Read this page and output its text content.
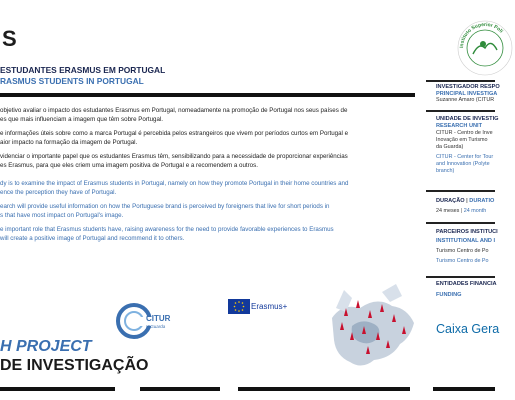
S
ESTUDANTES ERASMUS EM PORTUGAL
RASMUS STUDENTS IN PORTUGAL
objetivo avaliar o impacto dos estudantes Erasmus em Portugal, nomeadamente na promoção de Portugal nos seus países de
es que mais influenciam a imagem que têm sobre Portugal.
e informações úteis sobre como a marca Portugal é percebida pelos estrangeiros que vivem por períodos curtos em Portugal e
aior impacto na formação da imagem de Portugal.
videnciar o importante papel que os estudantes Erasmus têm, sensibilizando para a necessidade de proporcionar experiências
es Erasmus, para que eles criem uma imagem positiva de Portugal e a recomendem a outros.
dy is to examine the impact of Erasmus students in Portugal, namely on how they promote Portugal in their home countries and
ence the perception they have of Portugal.
earch will provide useful information on how the Portuguese brand is perceived by foreigners that live for short periods in
s that have most impact on Portugal's image.
e important role that Erasmus students have, raising awareness for the need to provide favorable experiences to Erasmus
will create a positive image of Portugal and recommend it to others.
H PROJECT
DE INVESTIGAÇÃO
CITUR
IPGuarda
Erasmus+
Caixa Gera
Instituto Superior Poli
INVESTIGADOR RESPO
PRINCIPAL INVESTIGA
Suzanne Amaro (CITUR
UNIDADE DE INVESTIG
RESEARCH UNIT
CITUR - Centro de Inve
Inovação em Turismo
da Guarda)
CITUR - Center for Tour
and Innovation (Polyte
branch)
DURAÇÃO | DURATIO
24 meses | 24 month
PARCEIROS INSTITUCI
INSTITUTIONAL AND I
Turismo Centro de Po
Turismo Centro de Po
ENTIDADES FINANCIA
FUNDING
